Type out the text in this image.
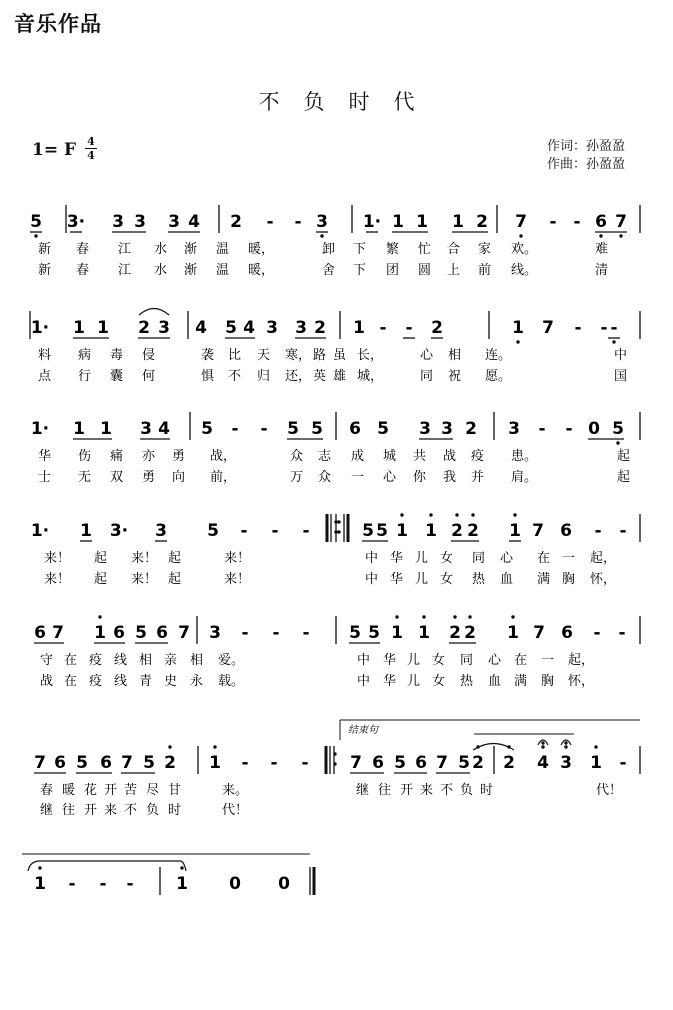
音乐作品
不负时代
1= F 4
4
作词：孙盈盈
作曲：孙盈盈
5 3· 3 3 3 4 2 - - 3 1· 1 1 1 2 7 - - 6 7
1· 1 1 2 3 4 5 4 3 3 2 1 - - 2	1 7 - - -
1· 1 1 3 4 5 - - 5 5 6 5 3 3 2 3 - - 0 5
1· 1 3· 3 5 - - -	5 5 1 1 2 2 1 7 6 - -
6 7 1 6 5 6 7 3 - - - 5 5 1 1 2 2 1 7 6 - -
7 6 5 6 7 5 2 1 - - - 7 6 5 6 7 5 2 2 4 3 1 -
1 - - -	1 0 0
结束句
新 春 江 水 渐 温 暖，	卸 下 繁 忙 合 家 欢。	难
新 春 江 水 渐 温 暖，	舍 下 团 圆 上 前 线。	清
料 病 毒 侵	袭 比 天 寒， 路 虽 长，	心 相 连。	中
点 行 囊 何	惧 不 归 还， 英 雄 城，	同 祝 愿。	国
华 伤 痛 亦 勇 战，	众 志 成 城 共 战 疫 患。	起
士 无 双 勇 向 前，	万 众 一 心 你 我 并 肩。	起
来！ 起 来！ 起	来！	中 华 儿 女 同 心 在 一 起，
来！ 起 来！ 起	来！	中 华 儿 女 热 血 满 胸 怀，
守 在 疫 线 相 亲 相 爱。	中 华 儿 女 同 心 在 一 起，
战 在 疫 线 青 史 永 载。	中 华 儿 女 热 血 满 胸 怀，
春 暖 花 开 苦 尽 甘	来。	继 往 开 来 不 负 时	代！
继 往 开 来 不 负 时	代！
